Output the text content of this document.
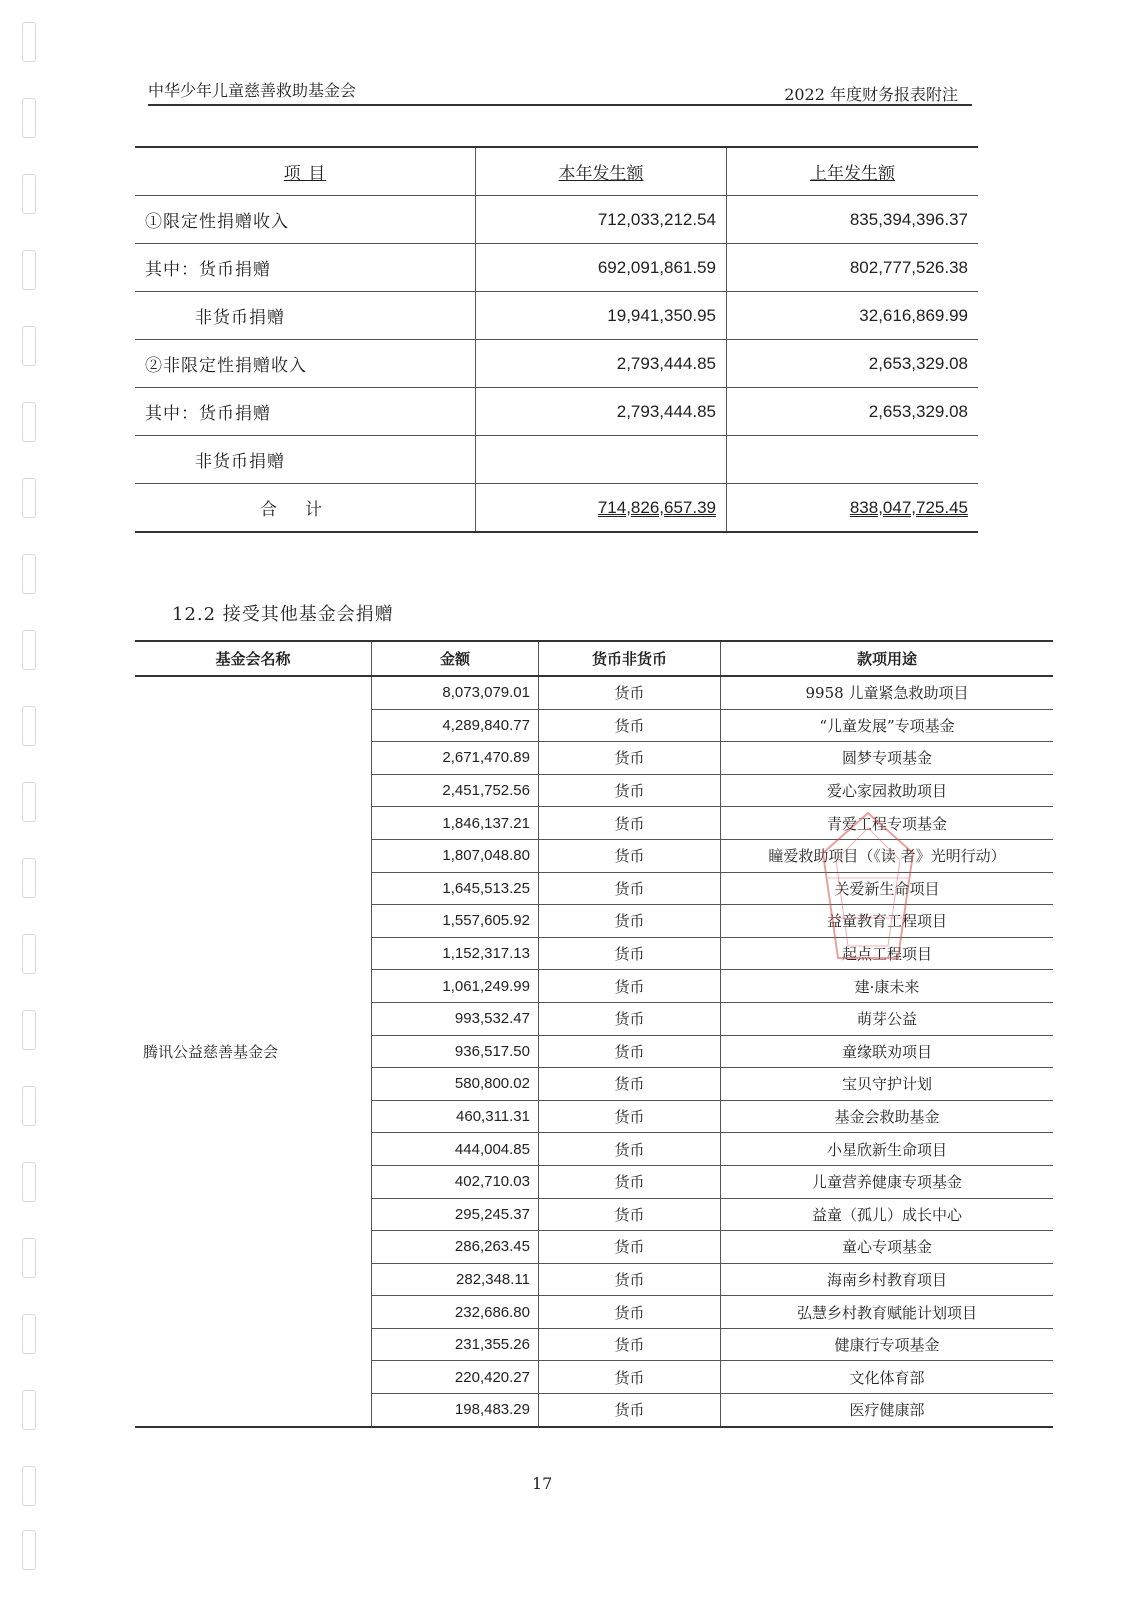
中华少年儿童慈善救助基金会	2022 年度财务报表附注
项 目	本年发生额	上年发生额
①限定性捐赠收入	712,033,212.54	835,394,396.37
其中：货币捐赠	692,091,861.59	802,777,526.38
非货币捐赠	19,941,350.95	32,616,869.99
②非限定性捐赠收入	2,793,444.85	2,653,329.08
其中：货币捐赠	2,793,444.85	2,653,329.08
非货币捐赠		
合计	714,826,657.39	838,047,725.45
12.2 接受其他基金会捐赠
基金会名称	金额	货币非货币	款项用途
腾讯公益慈善基金会	8,073,079.01	货币	9958 儿童紧急救助项目
	4,289,840.77	货币	“儿童发展”专项基金
	2,671,470.89	货币	圆梦专项基金
	2,451,752.56	货币	爱心家园救助项目
	1,846,137.21	货币	青爱工程专项基金
	1,807,048.80	货币	瞳爱救助项目（《读 者》光明行动）
	1,645,513.25	货币	关爱新生命项目
	1,557,605.92	货币	益童教育工程项目
	1,152,317.13	货币	起点工程项目
	1,061,249.99	货币	建·康未来
	993,532.47	货币	萌芽公益
	936,517.50	货币	童缘联劝项目
	580,800.02	货币	宝贝守护计划
	460,311.31	货币	基金会救助基金
	444,004.85	货币	小星欣新生命项目
	402,710.03	货币	儿童营养健康专项基金
	295,245.37	货币	益童（孤儿）成长中心
	286,263.45	货币	童心专项基金
	282,348.11	货币	海南乡村教育项目
	232,686.80	货币	弘慧乡村教育赋能计划项目
	231,355.26	货币	健康行专项基金
	220,420.27	货币	文化体育部
	198,483.29	货币	医疗健康部
17
